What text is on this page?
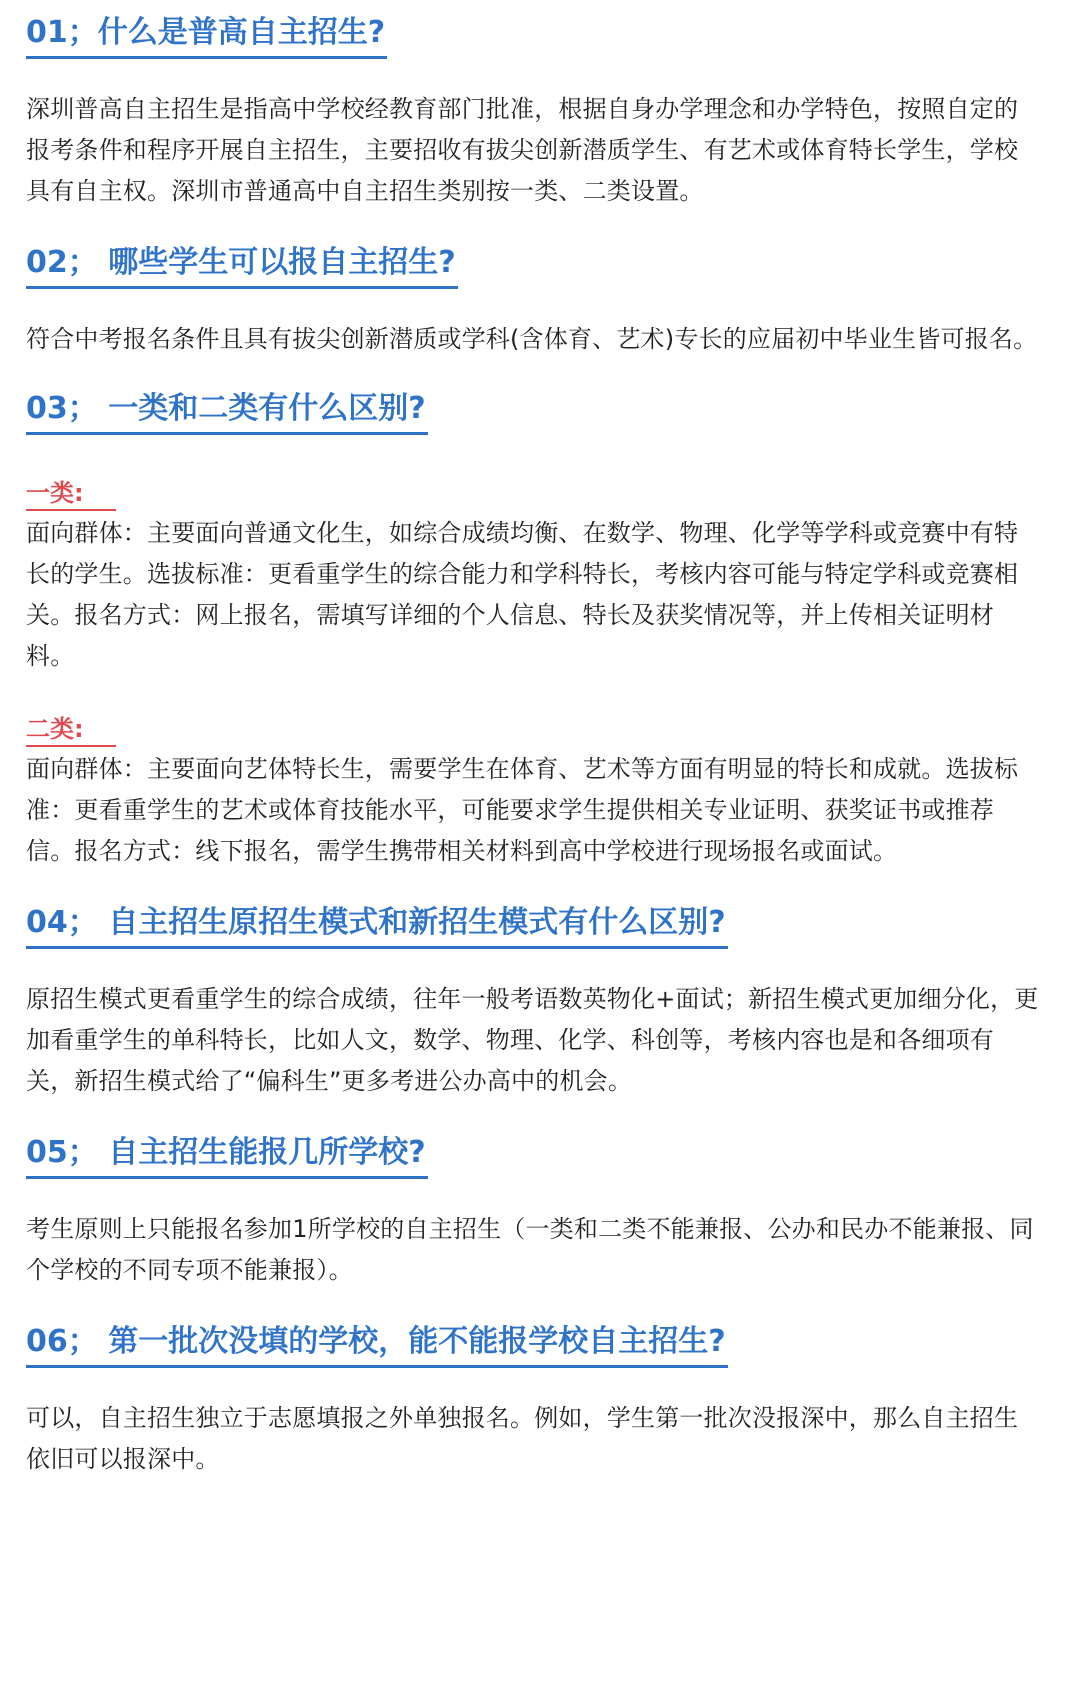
01；什么是普高自主招生?

深圳普高自主招生是指高中学校经教育部门批准，根据自身办学理念和办学特色，按照自定的报考条件和程序开展自主招生，主要招收有拔尖创新潜质学生、有艺术或体育特长学生，学校具有自主权。深圳市普通高中自主招生类别按一类、二类设置。

02； 哪些学生可以报自主招生?

符合中考报名条件且具有拔尖创新潜质或学科(含体育、艺术)专长的应届初中毕业生皆可报名。

03； 一类和二类有什么区别?
一类:

面向群体：主要面向普通文化生，如综合成绩均衡、在数学、物理、化学等学科或竞赛中有特长的学生。选拔标准：更看重学生的综合能力和学科特长，考核内容可能与特定学科或竞赛相关。报名方式：网上报名，需填写详细的个人信息、特长及获奖情况等，并上传相关证明材料。

二类:

面向群体：主要面向艺体特长生，需要学生在体育、艺术等方面有明显的特长和成就。选拔标准：更看重学生的艺术或体育技能水平，可能要求学生提供相关专业证明、获奖证书或推荐信。报名方式：线下报名，需学生携带相关材料到高中学校进行现场报名或面试。

04； 自主招生原招生模式和新招生模式有什么区别?

原招生模式更看重学生的综合成绩，往年一般考语数英物化+面试；新招生模式更加细分化，更加看重学生的单科特长，比如人文，数学、物理、化学、科创等，考核内容也是和各细项有关，新招生模式给了“偏科生”更多考进公办高中的机会。

05； 自主招生能报几所学校?

考生原则上只能报名参加1所学校的自主招生（一类和二类不能兼报、公办和民办不能兼报、同个学校的不同专项不能兼报）。

06； 第一批次没填的学校，能不能报学校自主招生?

可以，自主招生独立于志愿填报之外单独报名。例如，学生第一批次没报深中，那么自主招生依旧可以报深中。
